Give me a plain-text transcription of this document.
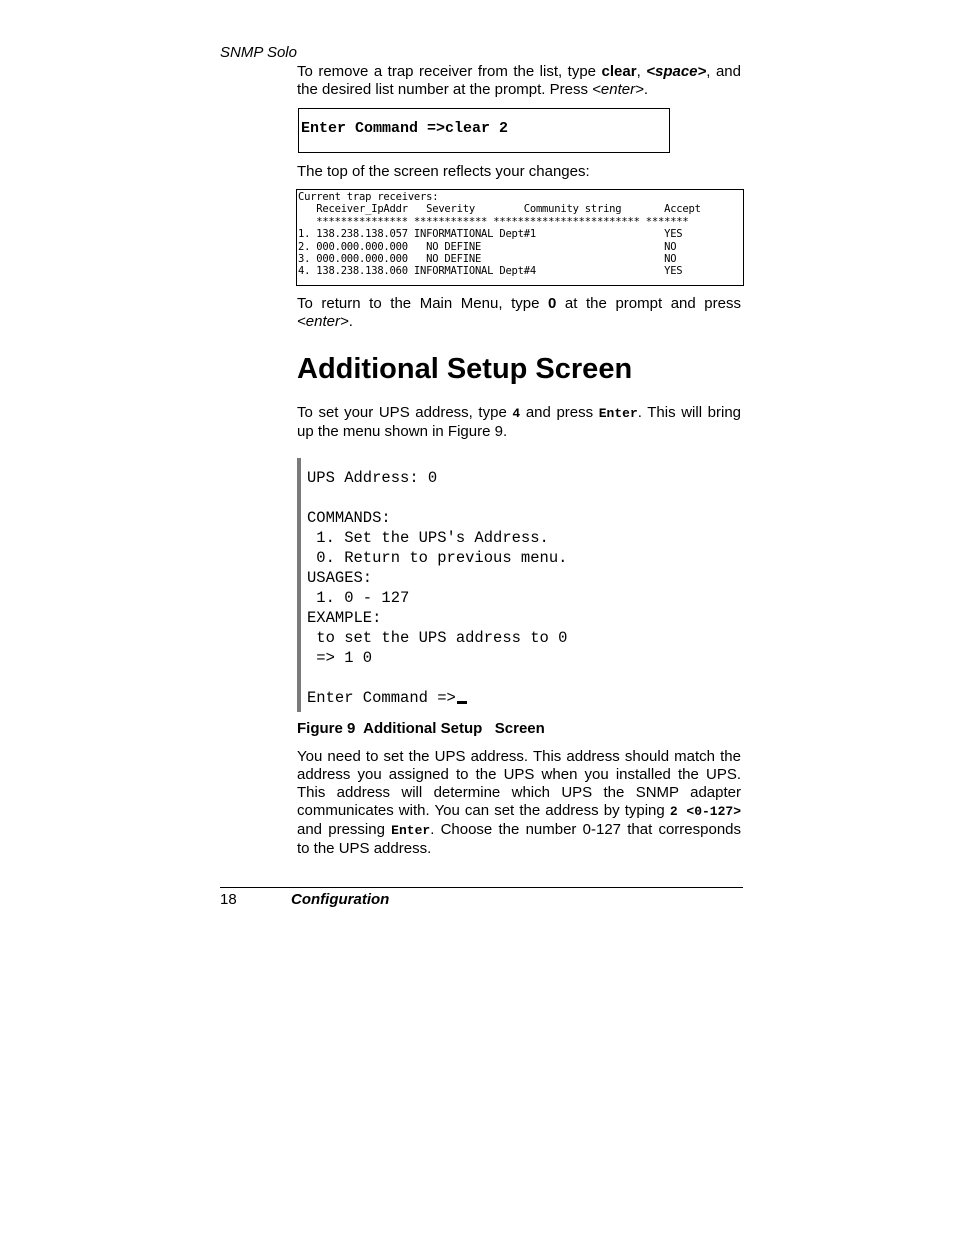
SNMP Solo
To remove a trap receiver from the list, type clear, <space>, and the desired list number at the prompt. Press <enter>.
Enter Command =>clear 2
The top of the screen reflects your changes:
Current trap receivers:
Receiver_IpAddr   Severity        Community string       Accept
*************** ************ ************************ *******
1. 138.238.138.057 INFORMATIONAL Dept#1                     YES
2. 000.000.000.000   NO DEFINE                              NO
3. 000.000.000.000   NO DEFINE                              NO
4. 138.238.138.060 INFORMATIONAL Dept#4                     YES
To return to the Main Menu, type 0 at the prompt and press <enter>.
Additional Setup Screen
To set your UPS address, type 4 and press Enter. This will bring up the menu shown in Figure 9.
UPS Address: 0

COMMANDS:
1. Set the UPS's Address.
0. Return to previous menu.
USAGES:
1. 0 - 127
EXAMPLE:
to set the UPS address to 0
=> 1 0

Enter Command =>
Figure 9  Additional Setup   Screen
You need to set the UPS address. This address should match the address you assigned to the UPS when you installed the UPS. This address will determine which UPS the SNMP adapter communicates with. You can set the address by typing 2 <0-127> and pressing Enter. Choose the number 0-127 that corresponds to the UPS address.
18	Configuration
